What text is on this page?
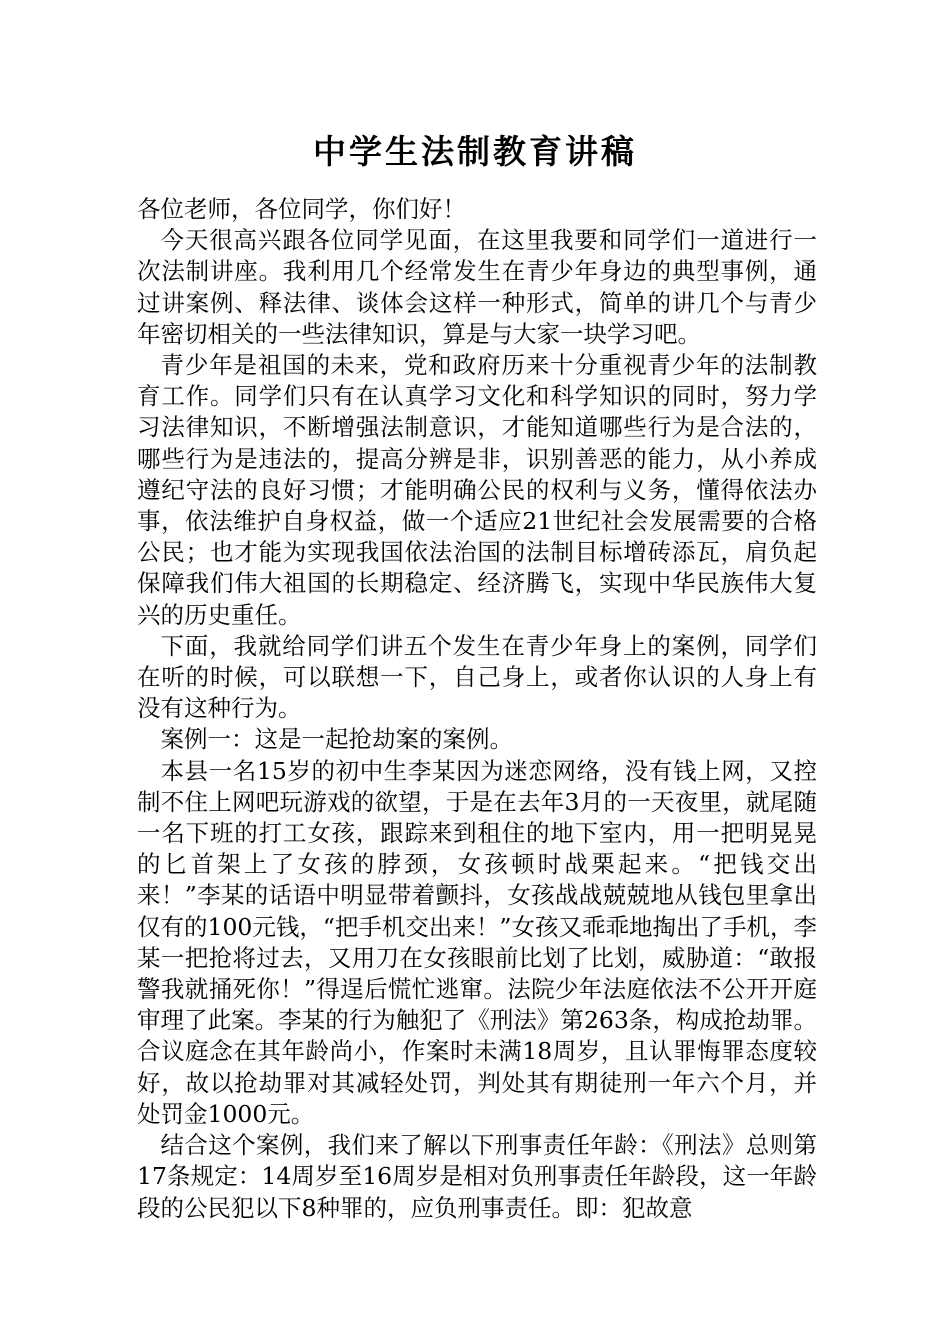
中学生法制教育讲稿

各位老师，各位同学，你们好！

今天很高兴跟各位同学见面，在这里我要和同学们一道进行一次法制讲座。我利用几个经常发生在青少年身边的典型事例，通过讲案例、释法律、谈体会这样一种形式，简单的讲几个与青少年密切相关的一些法律知识，算是与大家一块学习吧。

青少年是祖国的未来，党和政府历来十分重视青少年的法制教育工作。同学们只有在认真学习文化和科学知识的同时，努力学习法律知识，不断增强法制意识，才能知道哪些行为是合法的，哪些行为是违法的，提高分辨是非，识别善恶的能力，从小养成遵纪守法的良好习惯；才能明确公民的权利与义务，懂得依法办事，依法维护自身权益，做一个适应21世纪社会发展需要的合格公民；也才能为实现我国依法治国的法制目标增砖添瓦，肩负起保障我们伟大祖国的长期稳定、经济腾飞，实现中华民族伟大复兴的历史重任。

下面，我就给同学们讲五个发生在青少年身上的案例，同学们在听的时候，可以联想一下，自己身上，或者你认识的人身上有没有这种行为。

案例一：这是一起抢劫案的案例。

本县一名15岁的初中生李某因为迷恋网络，没有钱上网，又控制不住上网吧玩游戏的欲望，于是在去年3月的一天夜里，就尾随一名下班的打工女孩，跟踪来到租住的地下室内，用一把明晃晃的匕首架上了女孩的脖颈，女孩顿时战栗起来。“把钱交出来！”李某的话语中明显带着颤抖，女孩战战兢兢地从钱包里拿出仅有的100元钱，“把手机交出来！”女孩又乖乖地掏出了手机，李某一把抢将过去，又用刀在女孩眼前比划了比划，威胁道：“敢报警我就捅死你！”得逞后慌忙逃窜。法院少年法庭依法不公开开庭审理了此案。李某的行为触犯了《刑法》第263条，构成抢劫罪。合议庭念在其年龄尚小，作案时未满18周岁，且认罪悔罪态度较好，故以抢劫罪对其减轻处罚，判处其有期徒刑一年六个月，并处罚金1000元。

结合这个案例，我们来了解以下刑事责任年龄：《刑法》总则第17条规定：14周岁至16周岁是相对负刑事责任年龄段，这一年龄段的公民犯以下8种罪的，应负刑事责任。即：犯故意
